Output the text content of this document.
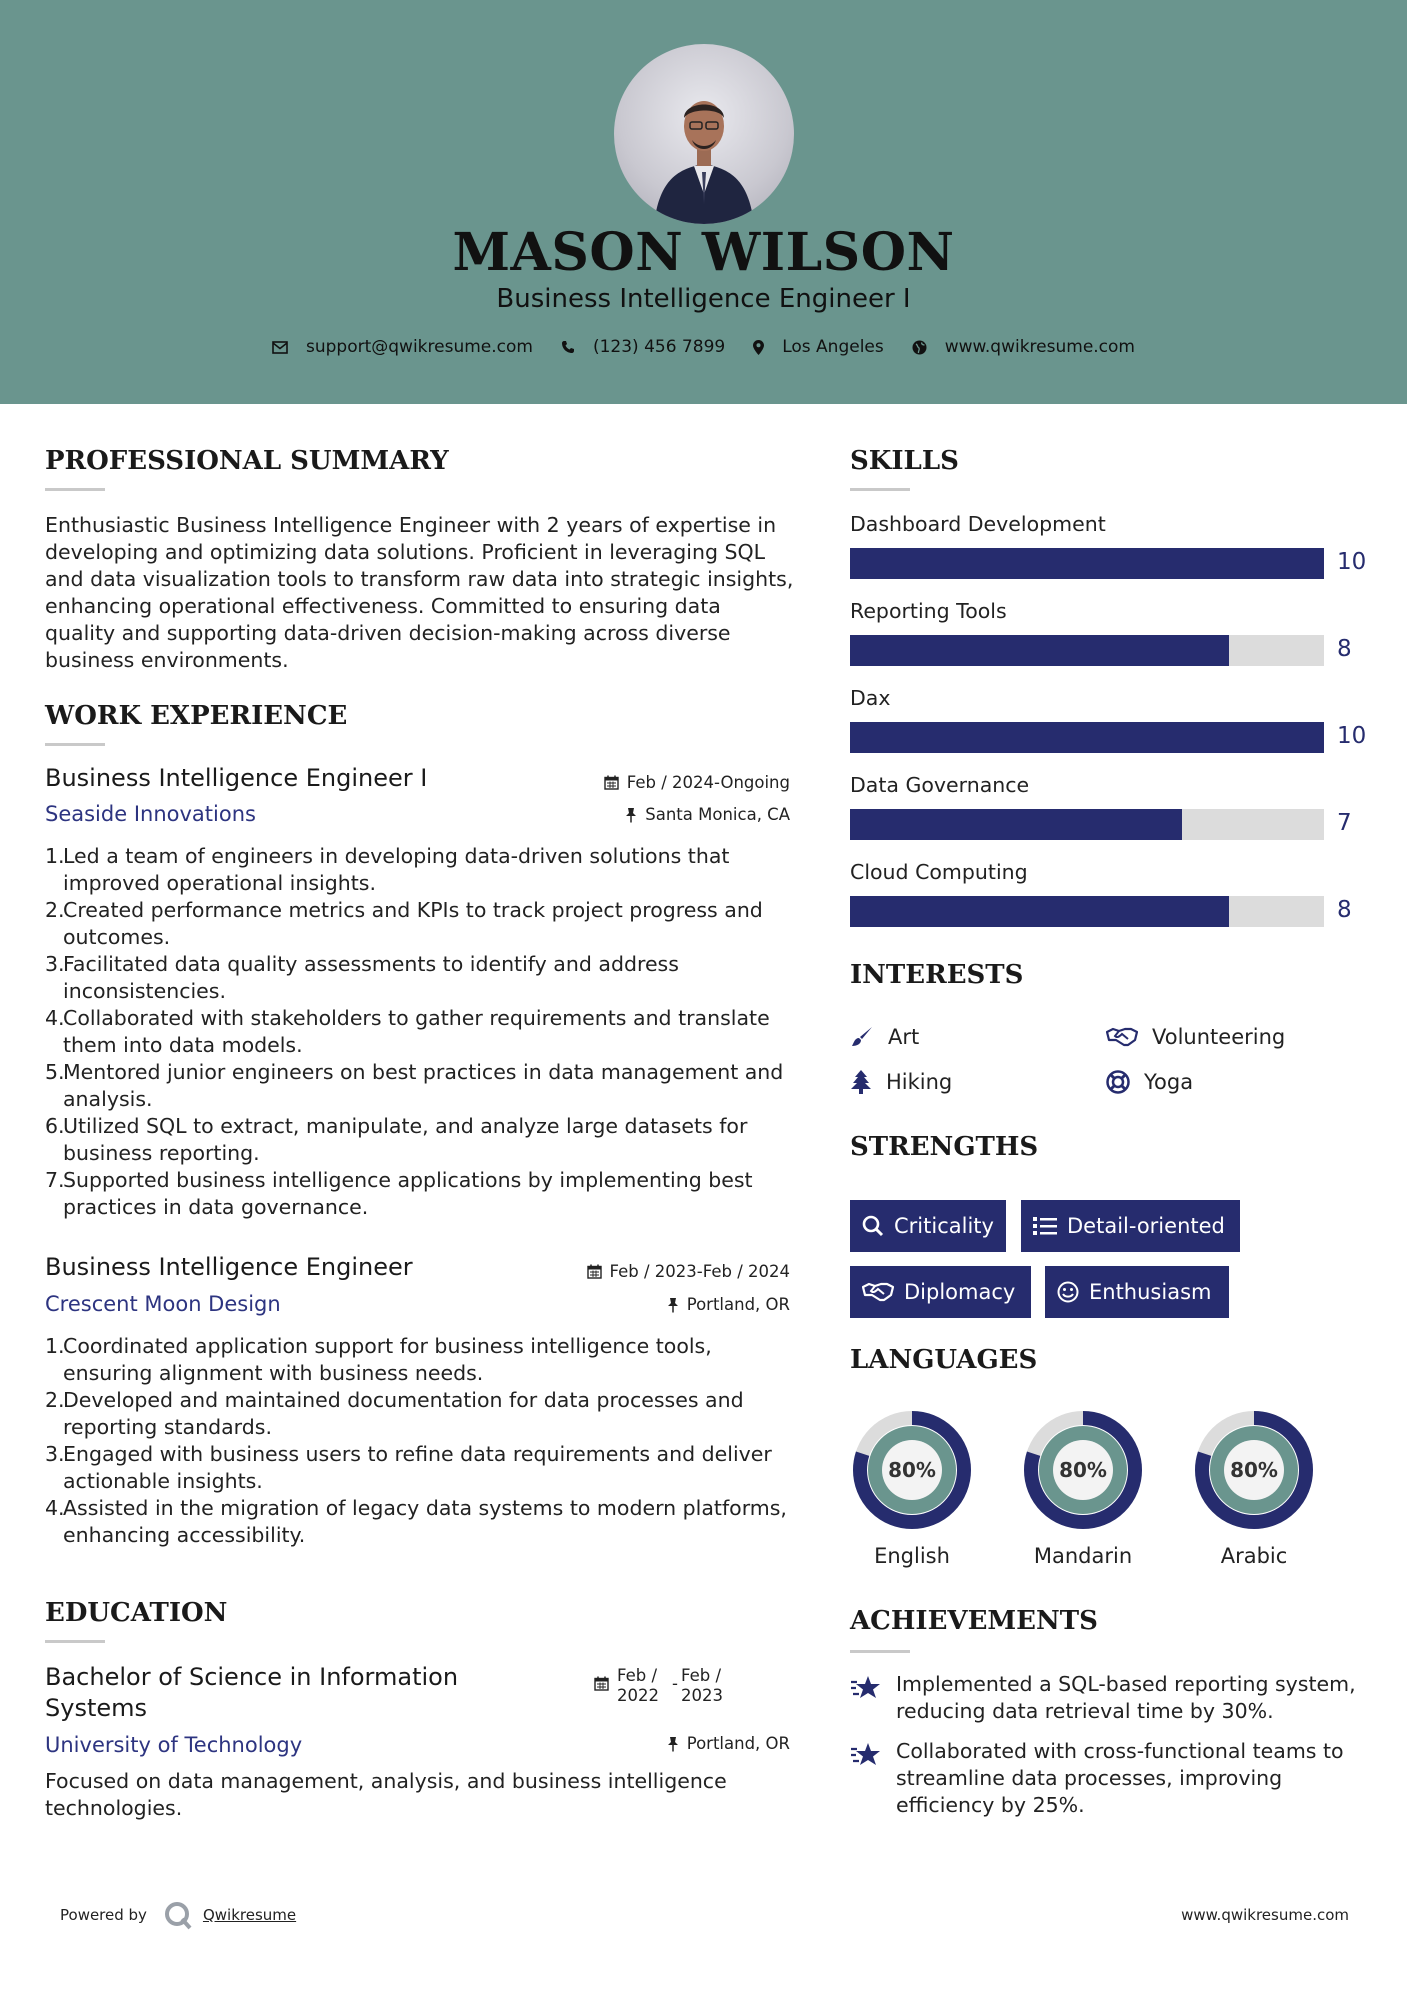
MASON WILSON
Business Intelligence Engineer I
support@qwikresume.com	(123) 456 7899	Los Angeles	www.qwikresume.com
PROFESSIONAL SUMMARY
Enthusiastic Business Intelligence Engineer with 2 years of expertise in developing and optimizing data solutions. Proficient in leveraging SQL and data visualization tools to transform raw data into strategic insights, enhancing operational effectiveness. Committed to ensuring data quality and supporting data-driven decision-making across diverse business environments.
WORK EXPERIENCE
Business Intelligence Engineer I	Feb / 2024-Ongoing
Seaside Innovations	Santa Monica, CA
1.
Led a team of engineers in developing data-driven solutions that improved operational insights.
2.
Created performance metrics and KPIs to track project progress and outcomes.
3.
Facilitated data quality assessments to identify and address inconsistencies.
4.
Collaborated with stakeholders to gather requirements and translate them into data models.
5.
Mentored junior engineers on best practices in data management and analysis.
6.
Utilized SQL to extract, manipulate, and analyze large datasets for business reporting.
7.
Supported business intelligence applications by implementing best practices in data governance.
Business Intelligence Engineer	Feb / 2023-Feb / 2024
Crescent Moon Design	Portland, OR
1.
Coordinated application support for business intelligence tools, ensuring alignment with business needs.
2.
Developed and maintained documentation for data processes and reporting standards.
3.
Engaged with business users to refine data requirements and deliver actionable insights.
4.
Assisted in the migration of legacy data systems to modern platforms, enhancing accessibility.
EDUCATION
Bachelor of Science in Information Systems
Feb /
2022
- Feb /
2023
University of Technology	Portland, OR
Focused on data management, analysis, and business intelligence technologies.
SKILLS
Dashboard Development
10
Reporting Tools
8
Dax
10
Data Governance
7
Cloud Computing
8
INTERESTS
Art	Volunteering
Hiking	Yoga
STRENGTHS
Criticality	Detail-oriented
Diplomacy	Enthusiasm
LANGUAGES
80%
English
80%
Mandarin
80%
Arabic
ACHIEVEMENTS
Implemented a SQL-based reporting system, reducing data retrieval time by 30%.
Collaborated with cross-functional teams to streamline data processes, improving efficiency by 25%.
Powered by	Qwikresume	www.qwikresume.com
